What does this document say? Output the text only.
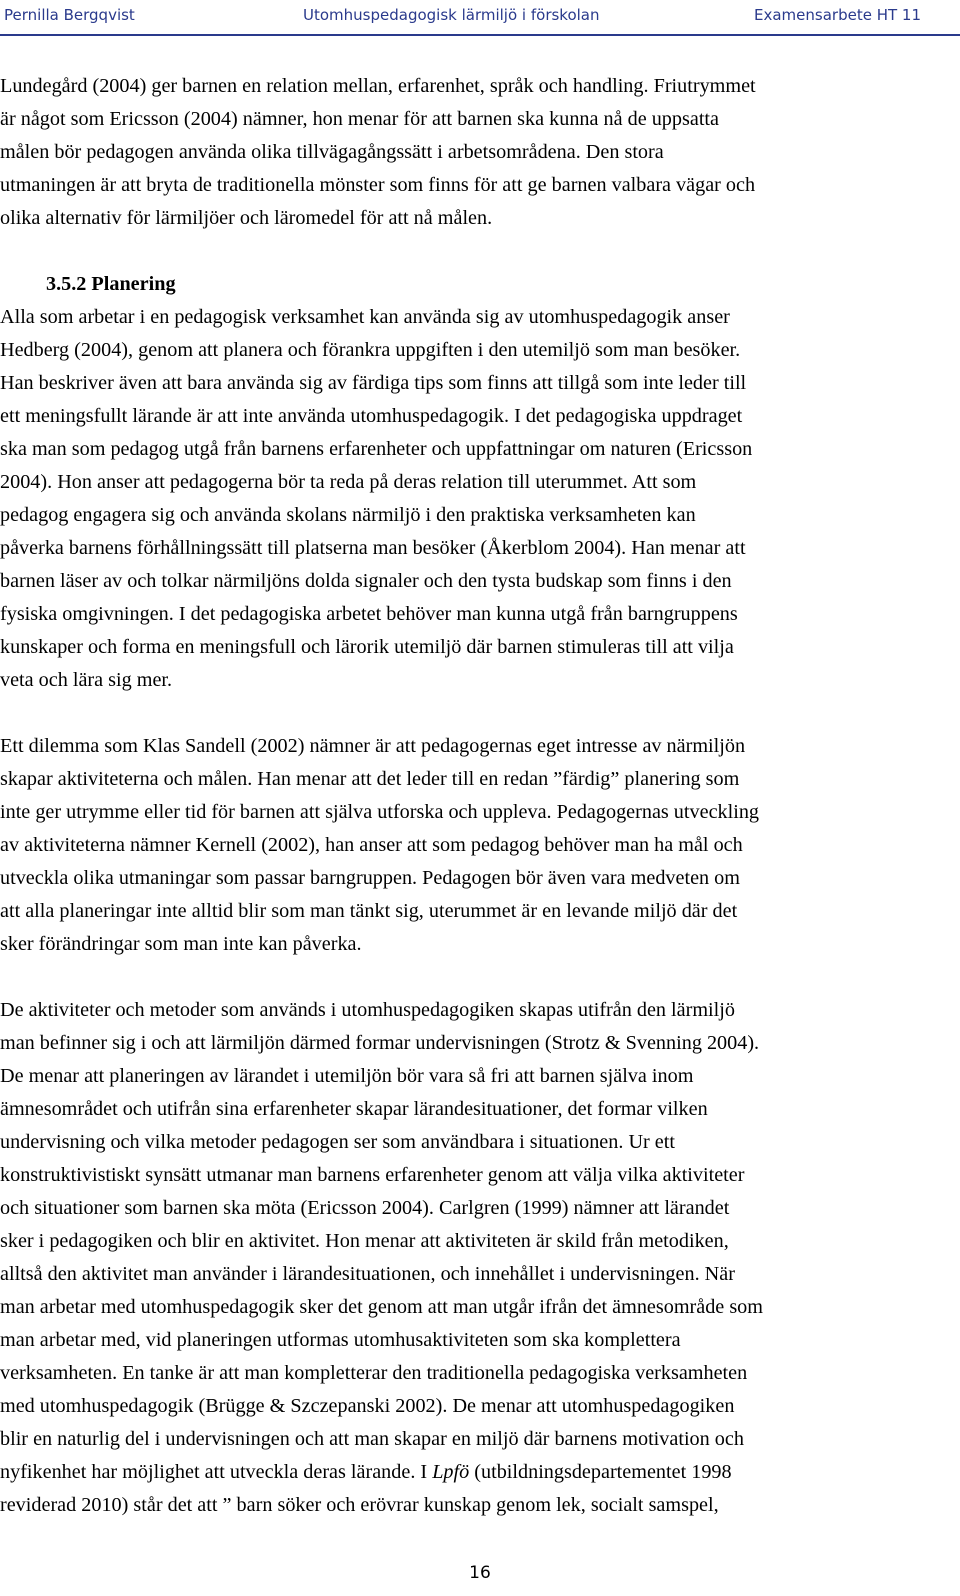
Pernilla Bergqvist	Utomhuspedagogisk lärmiljö i förskolan	Examensarbete HT 11

Lundegård (2004) ger barnen en relation mellan, erfarenhet, språk och handling. Friutrymmet

är något som Ericsson (2004) nämner, hon menar för att barnen ska kunna nå de uppsatta

målen bör pedagogen använda olika tillvägagångssätt i arbetsområdena. Den stora

utmaningen är att bryta de traditionella mönster som finns för att ge barnen valbara vägar och

olika alternativ för lärmiljöer och läromedel för att nå målen.

3.5.2 Planering

Alla som arbetar i en pedagogisk verksamhet kan använda sig av utomhuspedagogik anser

Hedberg (2004), genom att planera och förankra uppgiften i den utemiljö som man besöker.

Han beskriver även att bara använda sig av färdiga tips som finns att tillgå som inte leder till

ett meningsfullt lärande är att inte använda utomhuspedagogik. I det pedagogiska uppdraget

ska man som pedagog utgå från barnens erfarenheter och uppfattningar om naturen (Ericsson

2004). Hon anser att pedagogerna bör ta reda på deras relation till uterummet. Att som

pedagog engagera sig och använda skolans närmiljö i den praktiska verksamheten kan

påverka barnens förhållningssätt till platserna man besöker (Åkerblom 2004). Han menar att

barnen läser av och tolkar närmiljöns dolda signaler och den tysta budskap som finns i den

fysiska omgivningen. I det pedagogiska arbetet behöver man kunna utgå från barngruppens

kunskaper och forma en meningsfull och lärorik utemiljö där barnen stimuleras till att vilja

veta och lära sig mer.

Ett dilemma som Klas Sandell (2002) nämner är att pedagogernas eget intresse av närmiljön

skapar aktiviteterna och målen. Han menar att det leder till en redan ”färdig” planering som

inte ger utrymme eller tid för barnen att själva utforska och uppleva. Pedagogernas utveckling

av aktiviteterna nämner Kernell (2002), han anser att som pedagog behöver man ha mål och

utveckla olika utmaningar som passar barngruppen. Pedagogen bör även vara medveten om

att alla planeringar inte alltid blir som man tänkt sig, uterummet är en levande miljö där det

sker förändringar som man inte kan påverka.

De aktiviteter och metoder som används i utomhuspedagogiken skapas utifrån den lärmiljö

man befinner sig i och att lärmiljön därmed formar undervisningen (Strotz & Svenning 2004).

De menar att planeringen av lärandet i utemiljön bör vara så fri att barnen själva inom

ämnesområdet och utifrån sina erfarenheter skapar lärandesituationer, det formar vilken

undervisning och vilka metoder pedagogen ser som användbara i situationen. Ur ett

konstruktivistiskt synsätt utmanar man barnens erfarenheter genom att välja vilka aktiviteter

och situationer som barnen ska möta (Ericsson 2004). Carlgren (1999) nämner att lärandet

sker i pedagogiken och blir en aktivitet. Hon menar att aktiviteten är skild från metodiken,

alltså den aktivitet man använder i lärandesituationen, och innehållet i undervisningen. När

man arbetar med utomhuspedagogik sker det genom att man utgår ifrån det ämnesområde som

man arbetar med, vid planeringen utformas utomhusaktiviteten som ska komplettera

verksamheten. En tanke är att man kompletterar den traditionella pedagogiska verksamheten

med utomhuspedagogik (Brügge & Szczepanski 2002). De menar att utomhuspedagogiken

blir en naturlig del i undervisningen och att man skapar en miljö där barnens motivation och

nyfikenhet har möjlighet att utveckla deras lärande. I Lpfö (utbildningsdepartementet 1998

reviderad 2010) står det att ” barn söker och erövrar kunskap genom lek, socialt samspel,

16
